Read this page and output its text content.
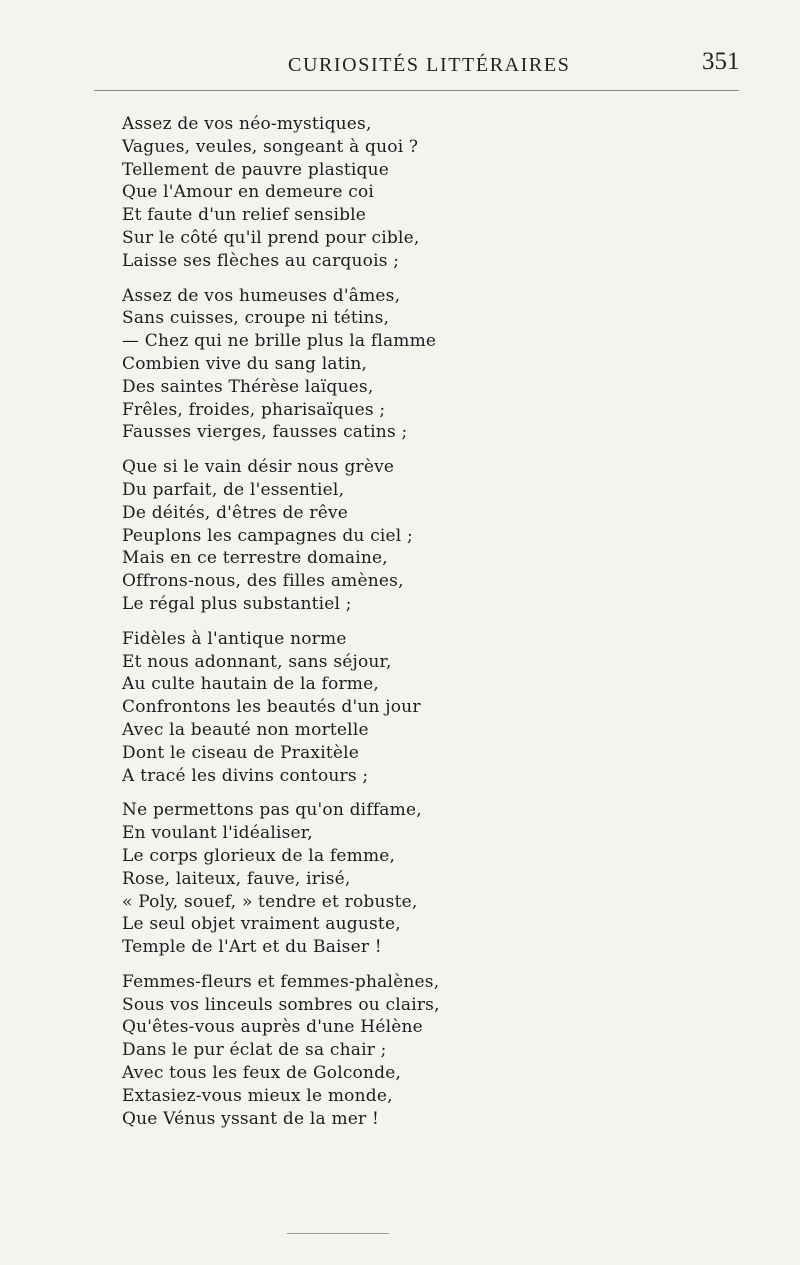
CURIOSITÉS LITTÉRAIRES	351
Assez de vos néo-mystiques,
Vagues, veules, songeant à quoi ?
Tellement de pauvre plastique
Que l'Amour en demeure coi
Et faute d'un relief sensible
Sur le côté qu'il prend pour cible,
Laisse ses flèches au carquois ;
Assez de vos humeuses d'âmes,
Sans cuisses, croupe ni tétins,
— Chez qui ne brille plus la flamme
Combien vive du sang latin,
Des saintes Thérèse laïques,
Frêles, froides, pharisaïques ;
Fausses vierges, fausses catins ;
Que si le vain désir nous grève
Du parfait, de l'essentiel,
De déités, d'êtres de rêve
Peuplons les campagnes du ciel ;
Mais en ce terrestre domaine,
Offrons-nous, des filles amènes,
Le régal plus substantiel ;
Fidèles à l'antique norme
Et nous adonnant, sans séjour,
Au culte hautain de la forme,
Confrontons les beautés d'un jour
Avec la beauté non mortelle
Dont le ciseau de Praxitèle
A tracé les divins contours ;
Ne permettons pas qu'on diffame,
En voulant l'idéaliser,
Le corps glorieux de la femme,
Rose, laiteux, fauve, irisé,
« Poly, souef, » tendre et robuste,
Le seul objet vraiment auguste,
Temple de l'Art et du Baiser !
Femmes-fleurs et femmes-phalènes,
Sous vos linceuls sombres ou clairs,
Qu'êtes-vous auprès d'une Hélène
Dans le pur éclat de sa chair ;
Avec tous les feux de Golconde,
Extasiez-vous mieux le monde,
Que Vénus yssant de la mer !
